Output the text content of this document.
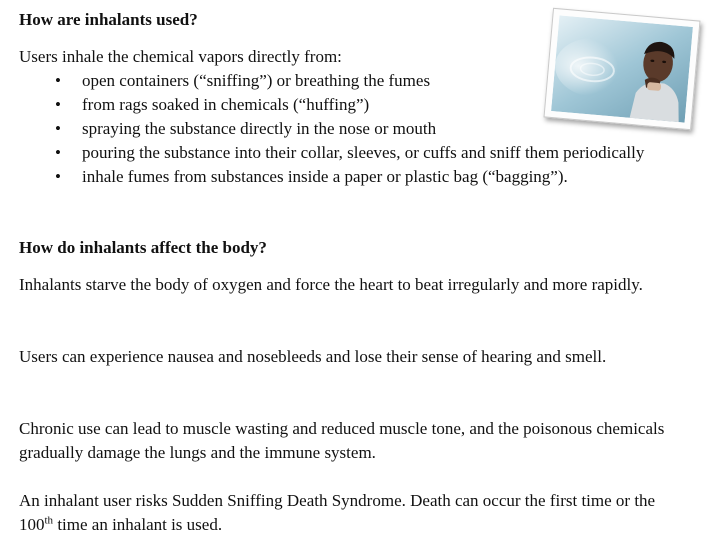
How are inhalants used?

Users inhale the chemical vapors directly from:

• open containers (“sniffing”) or breathing the fumes
• from rags soaked in chemicals (“huffing”)
• spraying the substance directly in the nose or mouth
• pouring the substance into their collar, sleeves, or cuffs and sniff them periodically
• inhale fumes from substances inside a paper or plastic bag (“bagging”).
How do inhalants affect the body?

Inhalants starve the body of oxygen and force the heart to beat irregularly and more rapidly.

Users can experience nausea and nosebleeds and lose their sense of hearing and smell.

Chronic use can lead to muscle wasting and reduced muscle tone, and the poisonous chemicals gradually damage the lungs and the immune system.

An inhalant user risks Sudden Sniffing Death Syndrome. Death can occur the first time or the 100th time an inhalant is used.
